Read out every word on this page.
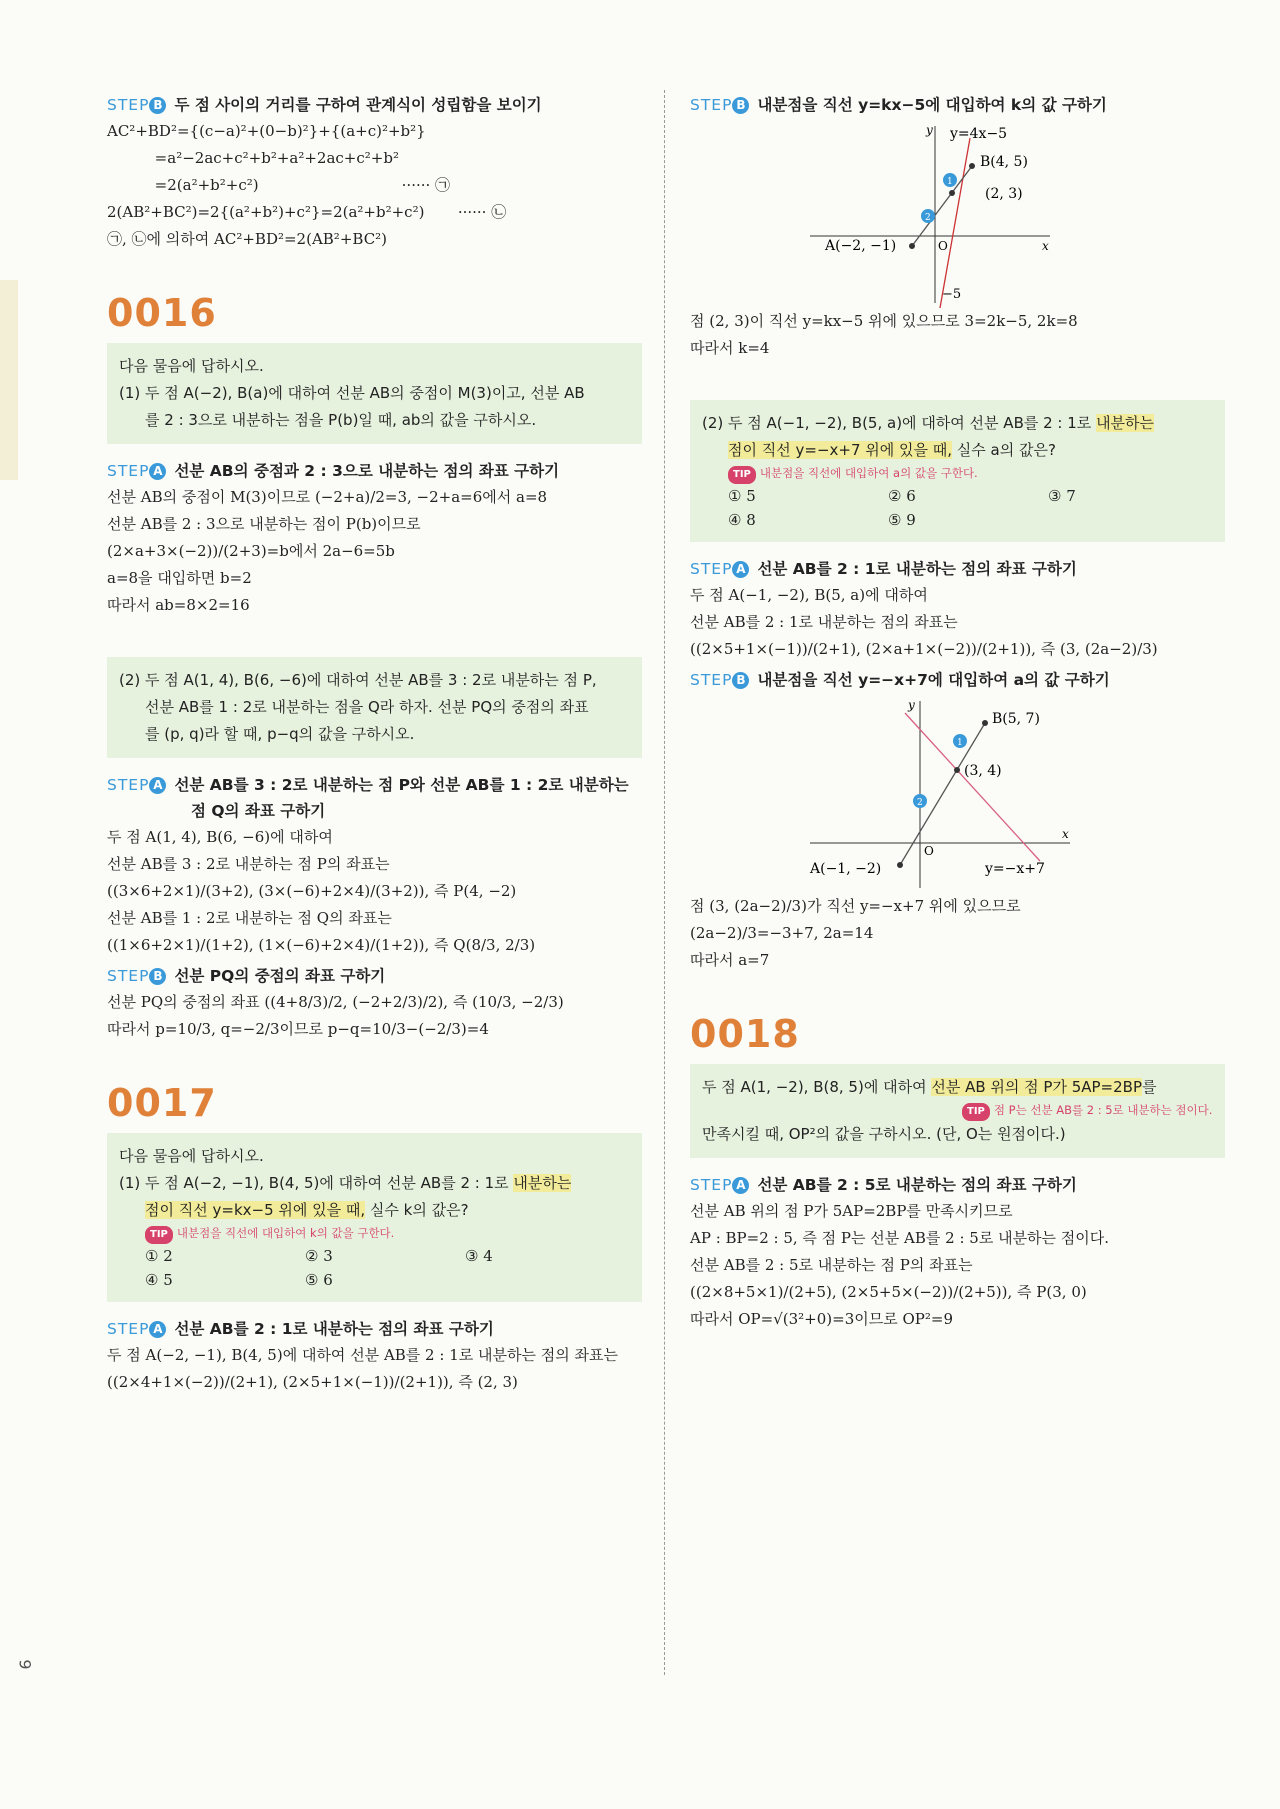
STEP B 두 점 사이의 거리를 구하여 관계식이 성립함을 보이기
AC²+BD²={(c−a)²+(0−b)²}+{(a+c)²+b²}
=a²−2ac+c²+b²+a²+2ac+c²+b²
=2(a²+b²+c²)                              ······ ㉠
2(AB²+BC²)=2{(a²+b²)+c²}=2(a²+b²+c²)       ······ ㉡
㉠, ㉡에 의하여 AC²+BD²=2(AB²+BC²)
0016
다음 물음에 답하시오.
(1) 두 점 A(−2), B(a)에 대하여 선분 AB의 중점이 M(3)이고, 선분 AB
를 2 : 3으로 내분하는 점을 P(b)일 때, ab의 값을 구하시오.
STEP A 선분 AB의 중점과 2 : 3으로 내분하는 점의 좌표 구하기
선분 AB의 중점이 M(3)이므로 (−2+a)/2=3, −2+a=6에서 a=8
선분 AB를 2 : 3으로 내분하는 점이 P(b)이므로
(2×a+3×(−2))/(2+3)=b에서 2a−6=5b
a=8을 대입하면 b=2
따라서 ab=8×2=16
(2) 두 점 A(1, 4), B(6, −6)에 대하여 선분 AB를 3 : 2로 내분하는 점 P,
선분 AB를 1 : 2로 내분하는 점을 Q라 하자. 선분 PQ의 중점의 좌표
를 (p, q)라 할 때, p−q의 값을 구하시오.
STEP A 선분 AB를 3 : 2로 내분하는 점 P와 선분 AB를 1 : 2로 내분하는
점 Q의 좌표 구하기
두 점 A(1, 4), B(6, −6)에 대하여
선분 AB를 3 : 2로 내분하는 점 P의 좌표는
((3×6+2×1)/(3+2), (3×(−6)+2×4)/(3+2)), 즉 P(4, −2)
선분 AB를 1 : 2로 내분하는 점 Q의 좌표는
((1×6+2×1)/(1+2), (1×(−6)+2×4)/(1+2)), 즉 Q(8/3, 2/3)
STEP B 선분 PQ의 중점의 좌표 구하기
선분 PQ의 중점의 좌표 ((4+8/3)/2, (−2+2/3)/2), 즉 (10/3, −2/3)
따라서 p=10/3, q=−2/3이므로 p−q=10/3−(−2/3)=4
0017
다음 물음에 답하시오.
(1) 두 점 A(−2, −1), B(4, 5)에 대하여 선분 AB를 2 : 1로 내분하는
점이 직선 y=kx−5 위에 있을 때, 실수 k의 값은?
TIP 내분점을 직선에 대입하여 k의 값을 구한다.
① 2	② 3	③ 4
④ 5	⑤ 6
STEP A 선분 AB를 2 : 1로 내분하는 점의 좌표 구하기
두 점 A(−2, −1), B(4, 5)에 대하여 선분 AB를 2 : 1로 내분하는 점의 좌표는
((2×4+1×(−2))/(2+1), (2×5+1×(−1))/(2+1)), 즉 (2, 3)
STEP B 내분점을 직선 y=kx−5에 대입하여 k의 값 구하기
1
2
y
x
O
y=4x−5
B(4, 5)
(2, 3)
A(−2, −1)
−5
점 (2, 3)이 직선 y=kx−5 위에 있으므로 3=2k−5, 2k=8
따라서 k=4
(2) 두 점 A(−1, −2), B(5, a)에 대하여 선분 AB를 2 : 1로 내분하는
점이 직선 y=−x+7 위에 있을 때, 실수 a의 값은?
TIP 내분점을 직선에 대입하여 a의 값을 구한다.
① 5	② 6	③ 7
④ 8	⑤ 9
STEP A 선분 AB를 2 : 1로 내분하는 점의 좌표 구하기
두 점 A(−1, −2), B(5, a)에 대하여
선분 AB를 2 : 1로 내분하는 점의 좌표는
((2×5+1×(−1))/(2+1), (2×a+1×(−2))/(2+1)), 즉 (3, (2a−2)/3)
STEP B 내분점을 직선 y=−x+7에 대입하여 a의 값 구하기
1
2
y
x
O
y=−x+7
B(5, 7)
(3, 4)
A(−1, −2)
점 (3, (2a−2)/3)가 직선 y=−x+7 위에 있으므로
(2a−2)/3=−3+7, 2a=14
따라서 a=7
0018
두 점 A(1, −2), B(8, 5)에 대하여 선분 AB 위의 점 P가 5AP=2BP를
TIP 점 P는 선분 AB를 2 : 5로 내분하는 점이다.
만족시킬 때, OP²의 값을 구하시오. (단, O는 원점이다.)
STEP A 선분 AB를 2 : 5로 내분하는 점의 좌표 구하기
선분 AB 위의 점 P가 5AP=2BP를 만족시키므로
AP : BP=2 : 5, 즉 점 P는 선분 AB를 2 : 5로 내분하는 점이다.
선분 AB를 2 : 5로 내분하는 점 P의 좌표는
((2×8+5×1)/(2+5), (2×5+5×(−2))/(2+5)), 즉 P(3, 0)
따라서 OP=√(3²+0)=3이므로 OP²=9
9
